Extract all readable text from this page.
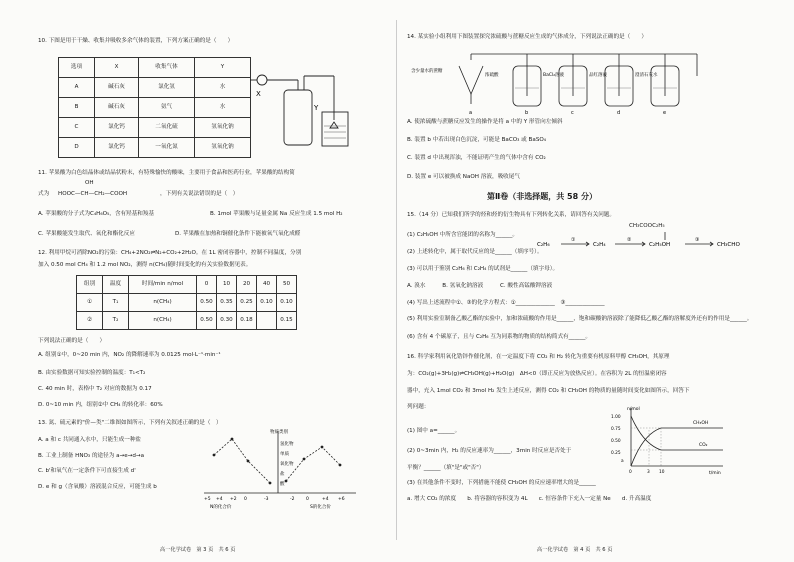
10. 下图是用于干燥、收集并吸收多余气体的装置，下列方案正确的是（　　）
选项	X	收集气体	Y
A	碱石灰	氯化氢	水
B	碱石灰	氨气	水
C	氯化钙	二氧化硫	氢氧化钠
D	氯化钙	一氧化氮	氢氧化钠
X
Y
11. 苹果酸为白色结晶体或结晶状粉末，有特殊愉快的酸味，主要用于食品和医药行业，苹果酸的结构简
OH
式为 HOOC—CH—CH₂—COOH	，下列有关说法错误的是（　）
A. 苹果酸的分子式为C₄H₆O₅，含有羟基和羧基	B. 1mol 苹果酸与足量金属 Na 反应生成 1.5 mol H₂
C. 苹果酸能发生取代、氧化和酯化反应	D. 苹果酸在加热和铜催化条件下能被氧气氧化成醛
12. 利用甲烷可消除NO₂的污染：CH₄+2NO₂⇌N₂+CO₂+2H₂O。在 1L 密闭容器中，控制不同温度，分别
加入 0.50 mol CH₄ 和 1.2 mol NO₂，测得 n(CH₄)随时间变化的有关实验数据见表。
组别	温度	时间/min n/mol	0	10	20	40	50
①	T₁	n(CH₄)	0.50	0.35	0.25	0.10	0.10
②	T₂	n(CH₄)	0.50	0.30	0.18		0.15
下列说法正确的是（　　）
A. 组别①中，0~20 min 内，NO₂ 的降解速率为 0.0125 mol·L⁻¹·min⁻¹
B. 由实验数据可知实验控制的温度：T₁<T₂
C. 40 min 时，表格中 T₂ 对应的数据为 0.17
D. 0~10 min 内，组别②中 CH₄ 的转化率：60%
13. 氮、硫元素的"价—类"二维图如图所示，下列有关叙述正确的是（　）
A. a 和 c 共同通入水中，只能生成一种盐
B. 工业上制备 HNO₃ 的途径为 a→e→d→a
C. b'和氧气在一定条件下可直接生成 d'
D. e 和 g（含氧酸）溶液混合反应，可能生成 b
物质类别
氢化物
单质
氧化物
盐
酸
+5 +4 +2 0	-3	-2	0	+4 +6
N的化合价	S的化合价
高一化学试卷　第 3 页　共 6 页
14. 某实验小组利用下图装置探究浓硫酸与蔗糖反应生成的气体成分，下列说法正确的是（　　）
含少量水的蔗糖
浓硫酸	BaCl₂溶液	品红溶液	澄清石灰水
a	b	c	d	e
A. 使浓硫酸与蔗糖反应发生的操作是将 a 中的 Y 形管向左倾斜
B. 装置 b 中若出现白色沉淀，可能是 BaCO₃ 或 BaSO₄
C. 装置 d 中出现浑浊，不能证明产生的气体中含有 CO₂
D. 装置 e 可以被换成 NaOH 溶液，吸收尾气
第Ⅱ卷（非选择题，共 58 分）
15.（14 分）已知我们所学的烃和烃的衍生物具有下列转化关系，请回答有关问题。
CH₃COOC₂H₅
(1) C₂H₅OH 中所含官能团的名称为______。
C₂H₆	C₂H₄	C₂H₅OH	CH₃CHO
①	②	③
(2) 上述转化中，属于取代反应的是______（填序号）。
(3) 可以用于鉴别 C₂H₆ 和 C₂H₄ 的试剂是______（填字母）。
A. 溴水　　　B. 氢氧化钠溶液　　　C. 酸性高锰酸钾溶液
(4) 写出上述流程中①、③的化学方程式：①______________　③______________
(5) 利用实验室制备乙酸乙酯的实验中，加和浓硫酸的作用是______，饱和碳酸钠溶液除了能降低乙酸乙酯的溶解度外还有的作用是______。
(6) 含有 4 个碳原子，且与 C₂H₆ 互为同系物的物质的结构简式有______。
16. 科学家利用氧化锆锌作催化剂，在一定温度下将 CO₂ 和 H₂ 转化为重要有机原料甲醇 CH₃OH，其原理
为：CO₂(g)+3H₂(g)⇌CH₃OH(g)+H₂O(g)　ΔH<0（即正反应为放热反应）。在容积为 2L 的恒温密闭容
器中，充入 1mol CO₂ 和 3mol H₂ 发生上述反应，测得 CO₂ 和 CH₃OH 的物质的量随时间变化如图所示，回答下
列问题：
(1) 图中 a=______。
(2) 0~3min 内，H₂ 的反应速率为______，3min 时反应是否处于
平衡？______（填"是"或"否"）
(3) 在其他条件不变时，下列措施不能使 CH₃OH 的反应速率增大的是______
a. 增大 CO₂ 的浓度　　b. 将容器的容积变为 4L　　c. 恒容条件下充入一定量 Ne　　d. 升高温度
n/mol
t/min
1.00
0.75
0.50
0.25
a
0	3 10
CH₃OH
CO₂
高一化学试卷　第 4 页　共 6 页
